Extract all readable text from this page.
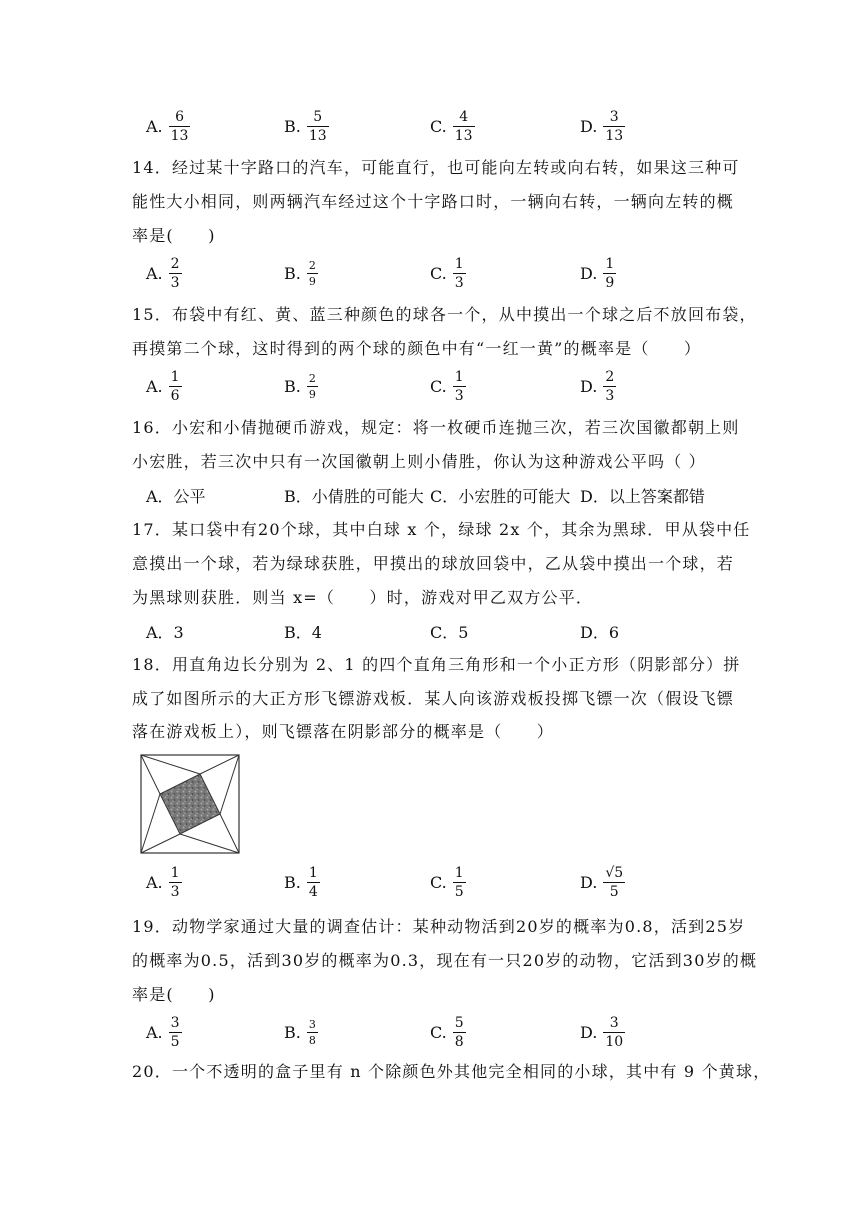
A. $\frac{6}{13}$	B. $\frac{5}{13}$	C. $\frac{4}{13}$	D. $\frac{3}{13}$
14．经过某十字路口的汽车，可能直行，也可能向左转或向右转，如果这三种可
能性大小相同，则两辆汽车经过这个十字路口时，一辆向右转，一辆向左转的概
率是(　　)
A. $\frac{2}{3}$	B. $\frac{2}{9}$	C. $\frac{1}{3}$	D. $\frac{1}{9}$
15．布袋中有红、黄、蓝三种颜色的球各一个，从中摸出一个球之后不放回布袋，
再摸第二个球，这时得到的两个球的颜色中有“一红一黄”的概率是（　　）
A. $\frac{1}{6}$	B. $\frac{2}{9}$	C. $\frac{1}{3}$	D. $\frac{2}{3}$
16．小宏和小倩抛硬币游戏，规定：将一枚硬币连抛三次，若三次国徽都朝上则
小宏胜，若三次中只有一次国徽朝上则小倩胜，你认为这种游戏公平吗（ ）
A．公平	B．小倩胜的可能大 C．小宏胜的可能大 D．以上答案都错
17．某口袋中有20个球，其中白球 x 个，绿球 2x 个，其余为黑球．甲从袋中任
意摸出一个球，若为绿球获胜，甲摸出的球放回袋中，乙从袋中摸出一个球，若
为黑球则获胜．则当 x=（　　）时，游戏对甲乙双方公平．
A．3	B．4	C．5	D．6
18．用直角边长分别为 2、1 的四个直角三角形和一个小正方形（阴影部分）拼
成了如图所示的大正方形飞镖游戏板．某人向该游戏板投掷飞镖一次（假设飞镖
落在游戏板上），则飞镖落在阴影部分的概率是（　　）
A. $\frac{1}{3}$	B. $\frac{1}{4}$	C. $\frac{1}{5}$	D. $\frac{√5}{5}$
19．动物学家通过大量的调查估计：某种动物活到20岁的概率为0.8，活到25岁
的概率为0.5，活到30岁的概率为0.3，现在有一只20岁的动物，它活到30岁的概
率是(　　)
A. $\frac{3}{5}$	B. $\frac{3}{8}$	C. $\frac{5}{8}$	D. $\frac{3}{10}$
20．一个不透明的盒子里有 n 个除颜色外其他完全相同的小球，其中有 9 个黄球，
